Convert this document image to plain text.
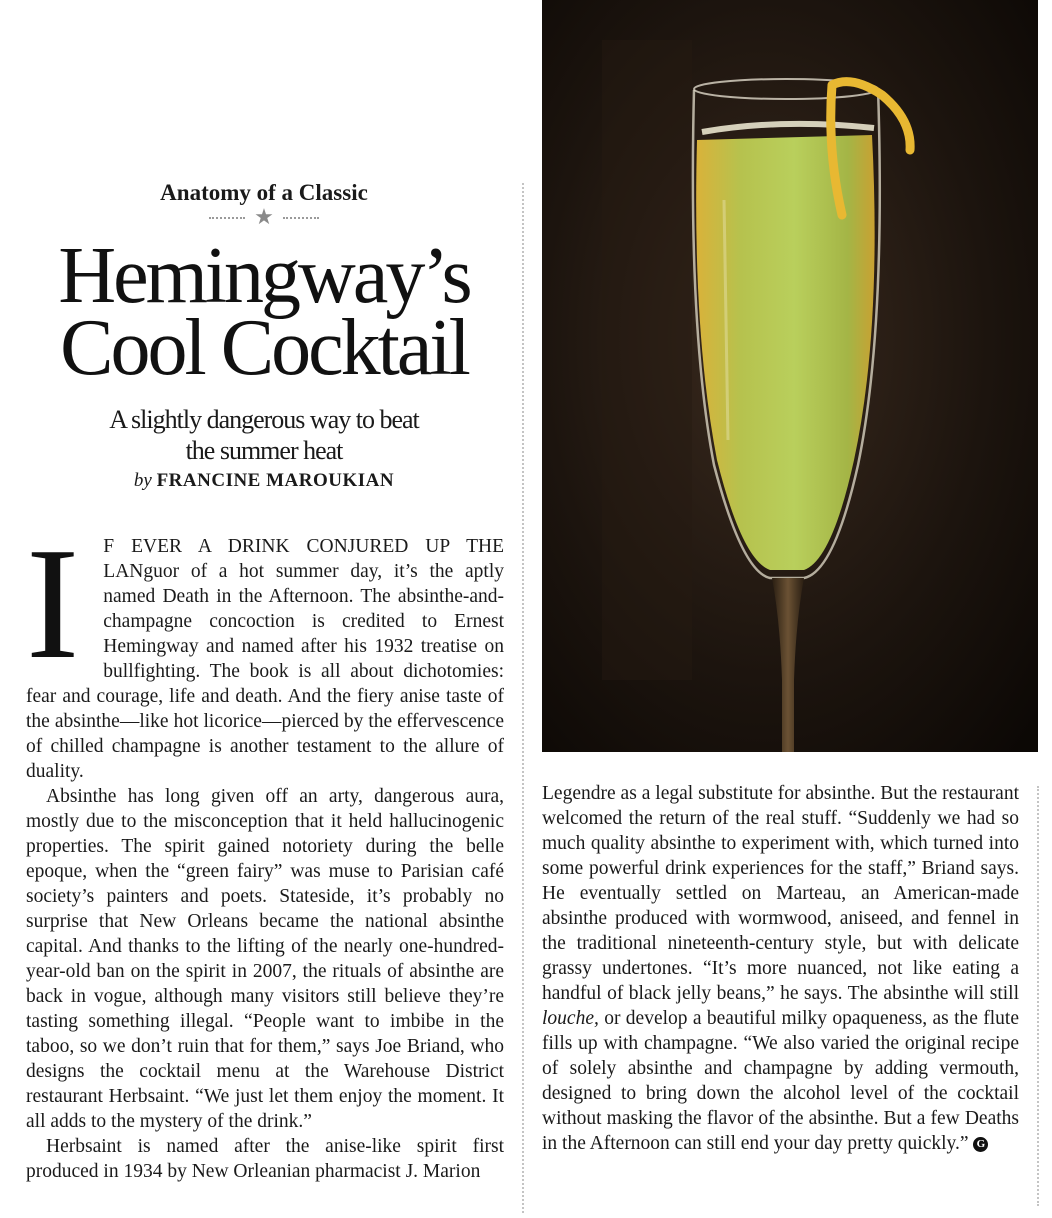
Anatomy of a Classic
★
Hemingway’s
Cool Cocktail
A slightly dangerous way to beat
the summer heat
by FRANCINE MAROUKIAN
I	F EVER A DRINK CONJURED UP THE LANguor of a hot summer day, it’s the aptly named Death in the Afternoon. The absinthe-and-champagne concoction is credited to Ernest Hemingway and named after his 1932 treatise on bullfighting. The book is all about dichotomies: fear and courage, life and death. And the fiery anise taste of the absinthe—like hot licorice—pierced by the effervescence of chilled champagne is another testament to the allure of duality.

Absinthe has long given off an arty, dangerous aura, mostly due to the misconception that it held hallucinogenic properties. The spirit gained notoriety during the belle epoque, when the “green fairy” was muse to Parisian café society’s painters and poets. Stateside, it’s probably no surprise that New Orleans became the national absinthe capital. And thanks to the lifting of the nearly one-hundred-year-old ban on the spirit in 2007, the rituals of absinthe are back in vogue, although many visitors still believe they’re tasting something illegal. “People want to imbibe in the taboo, so we don’t ruin that for them,” says Joe Briand, who designs the cocktail menu at the Warehouse District restaurant Herbsaint. “We just let them enjoy the moment. It all adds to the mystery of the drink.”

Herbsaint is named after the anise-like spirit first produced in 1934 by New Orleanian pharmacist J. Marion

Legendre as a legal substitute for absinthe. But the restaurant welcomed the return of the real stuff. “Suddenly we had so much quality absinthe to experiment with, which turned into some powerful drink experiences for the staff,” Briand says. He eventually settled on Marteau, an American-made absinthe produced with wormwood, aniseed, and fennel in the traditional nineteenth-century style, but with delicate grassy undertones. “It’s more nuanced, not like eating a handful of black jelly beans,” he says. The absinthe will still louche, or develop a beautiful milky opaqueness, as the flute fills up with champagne. “We also varied the original recipe of solely absinthe and champagne by adding vermouth, designed to bring down the alcohol level of the cocktail without masking the flavor of the absinthe. But a few Deaths in the Afternoon can still end your day pretty quickly.” G
